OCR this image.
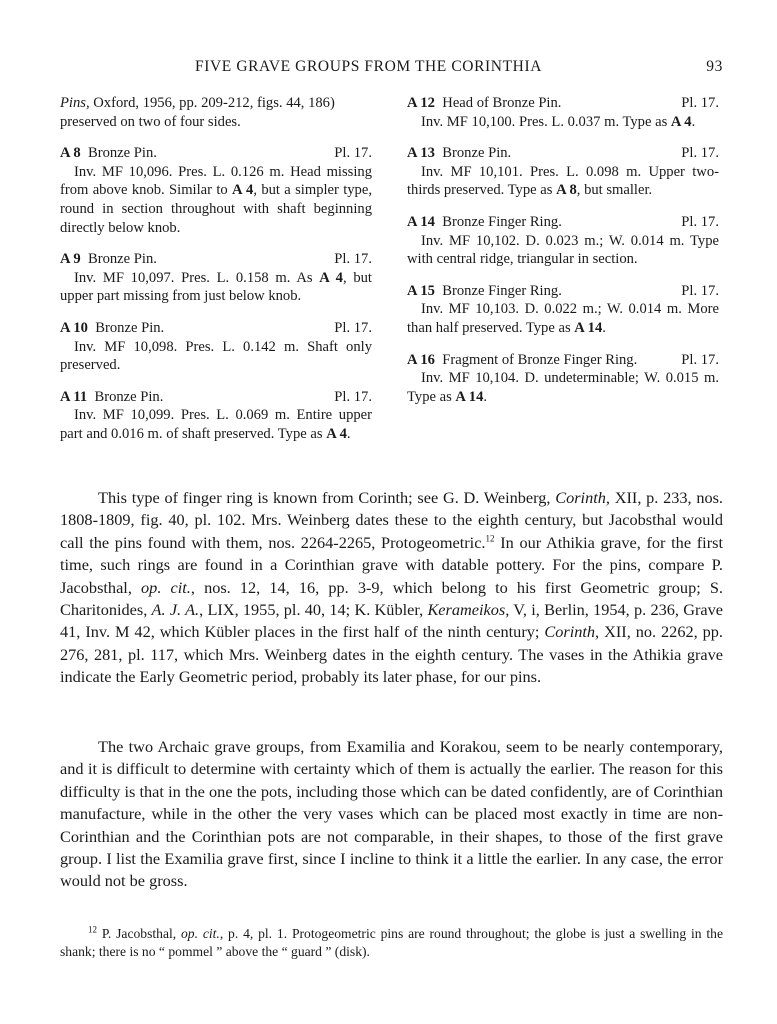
FIVE GRAVE GROUPS FROM THE CORINTHIA	93
Pins, Oxford, 1956, pp. 209-212, figs. 44, 186) preserved on two of four sides.
A 8 Bronze Pin.	Pl. 17.
Inv. MF 10,096. Pres. L. 0.126 m. Head missing from above knob. Similar to A 4, but a simpler type, round in section throughout with shaft beginning directly below knob.
A 9 Bronze Pin.	Pl. 17.
Inv. MF 10,097. Pres. L. 0.158 m. As A 4, but upper part missing from just below knob.
A 10 Bronze Pin.	Pl. 17.
Inv. MF 10,098. Pres. L. 0.142 m. Shaft only preserved.
A 11 Bronze Pin.	Pl. 17.
Inv. MF 10,099. Pres. L. 0.069 m. Entire upper part and 0.016 m. of shaft preserved. Type as A 4.
A 12 Head of Bronze Pin.	Pl. 17.
Inv. MF 10,100. Pres. L. 0.037 m. Type as A 4.
A 13 Bronze Pin.	Pl. 17.
Inv. MF 10,101. Pres. L. 0.098 m. Upper two-thirds preserved. Type as A 8, but smaller.
A 14 Bronze Finger Ring.	Pl. 17.
Inv. MF 10,102. D. 0.023 m.; W. 0.014 m. Type with central ridge, triangular in section.
A 15 Bronze Finger Ring.	Pl. 17.
Inv. MF 10,103. D. 0.022 m.; W. 0.014 m. More than half preserved. Type as A 14.
A 16 Fragment of Bronze Finger Ring.	Pl. 17.
Inv. MF 10,104. D. undeterminable; W. 0.015 m. Type as A 14.

This type of finger ring is known from Corinth; see G. D. Weinberg, Corinth, XII, p. 233, nos. 1808-1809, fig. 40, pl. 102. Mrs. Weinberg dates these to the eighth century, but Jacobsthal would call the pins found with them, nos. 2264-2265, Protogeometric.$^{12}$ In our Athikia grave, for the first time, such rings are found in a Corinthian grave with datable pottery. For the pins, compare P. Jacobsthal, op. cit., nos. 12, 14, 16, pp. 3-9, which belong to his first Geometric group; S. Charitonides, A. J. A., LIX, 1955, pl. 40, 14; K. Kübler, Kerameikos, V, i, Berlin, 1954, p. 236, Grave 41, Inv. M 42, which Kübler places in the first half of the ninth century; Corinth, XII, no. 2262, pp. 276, 281, pl. 117, which Mrs. Weinberg dates in the eighth century. The vases in the Athikia grave indicate the Early Geometric period, probably its later phase, for our pins.

The two Archaic grave groups, from Examilia and Korakou, seem to be nearly contemporary, and it is difficult to determine with certainty which of them is actually the earlier. The reason for this difficulty is that in the one the pots, including those which can be dated confidently, are of Corinthian manufacture, while in the other the very vases which can be placed most exactly in time are non-Corinthian and the Corinthian pots are not comparable, in their shapes, to those of the first grave group. I list the Examilia grave first, since I incline to think it a little the earlier. In any case, the error would not be gross.

$^{12}$ P. Jacobsthal, op. cit., p. 4, pl. 1. Protogeometric pins are round throughout; the globe is just a swelling in the shank; there is no “ pommel ” above the “ guard ” (disk).
